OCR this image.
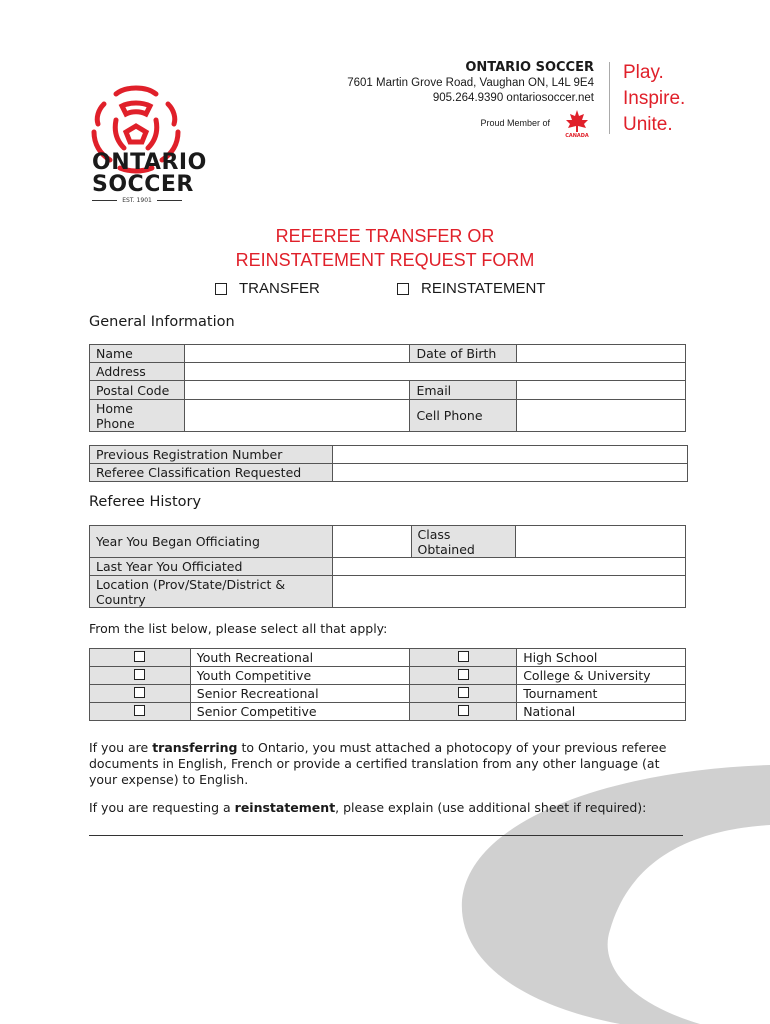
ONTARIO
SOCCER
EST. 1901
ONTARIO SOCCER
7601 Martin Grove Road, Vaughan ON, L4L 9E4
905.264.9390 ontariosoccer.net
Proud Member of
CANADA
Play.
Inspire.
Unite.
REFEREE TRANSFER OR
REINSTATEMENT REQUEST FORM
TRANSFER	REINSTATEMENT
General Information
Name		Date of Birth	
Address			
Postal Code		Email	
Home
Phone		Cell Phone	
Previous Registration Number	
Referee Classification Requested	
Referee History
Year You Began Officiating		Class
Obtained	
Last Year You Officiated			
Location (Prov/State/District &
Country			
From the list below, please select all that apply:
	Youth Recreational		High School
	Youth Competitive		College & University
	Senior Recreational		Tournament
	Senior Competitive		National
If you are transferring to Ontario, you must attached a photocopy of your previous referee documents in English, French or provide a certified translation from any other language (at your expense) to English.
If you are requesting a reinstatement, please explain (use additional sheet if required):
